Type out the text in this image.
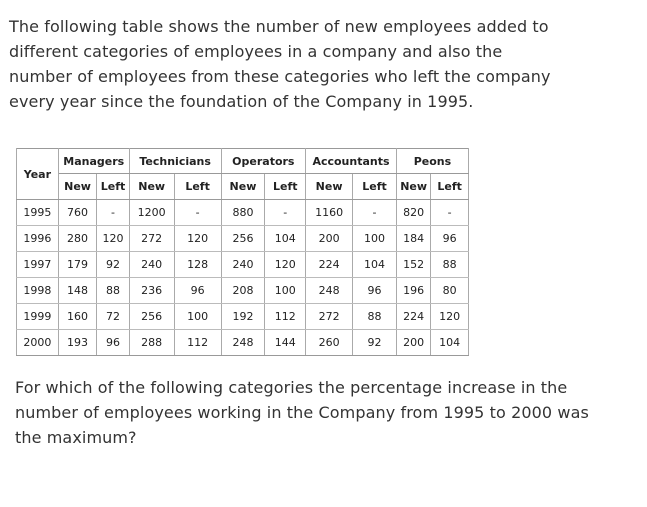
The following table shows the number of new employees added to different categories of employees in a company and also the number of employees from these categories who left the company every year since the foundation of the Company in 1995.

Year	Managers		Technicians		Operators		Accountants		Peons	
	New	Left	New	Left	New	Left	New	Left	New	Left
1995	760	-	1200	-	880	-	1160	-	820	-
1996	280	120	272	120	256	104	200	100	184	96
1997	179	92	240	128	240	120	224	104	152	88
1998	148	88	236	96	208	100	248	96	196	80
1999	160	72	256	100	192	112	272	88	224	120
2000	193	96	288	112	248	144	260	92	200	104

For which of the following categories the percentage increase in the number of employees working in the Company from 1995 to 2000 was the maximum?
